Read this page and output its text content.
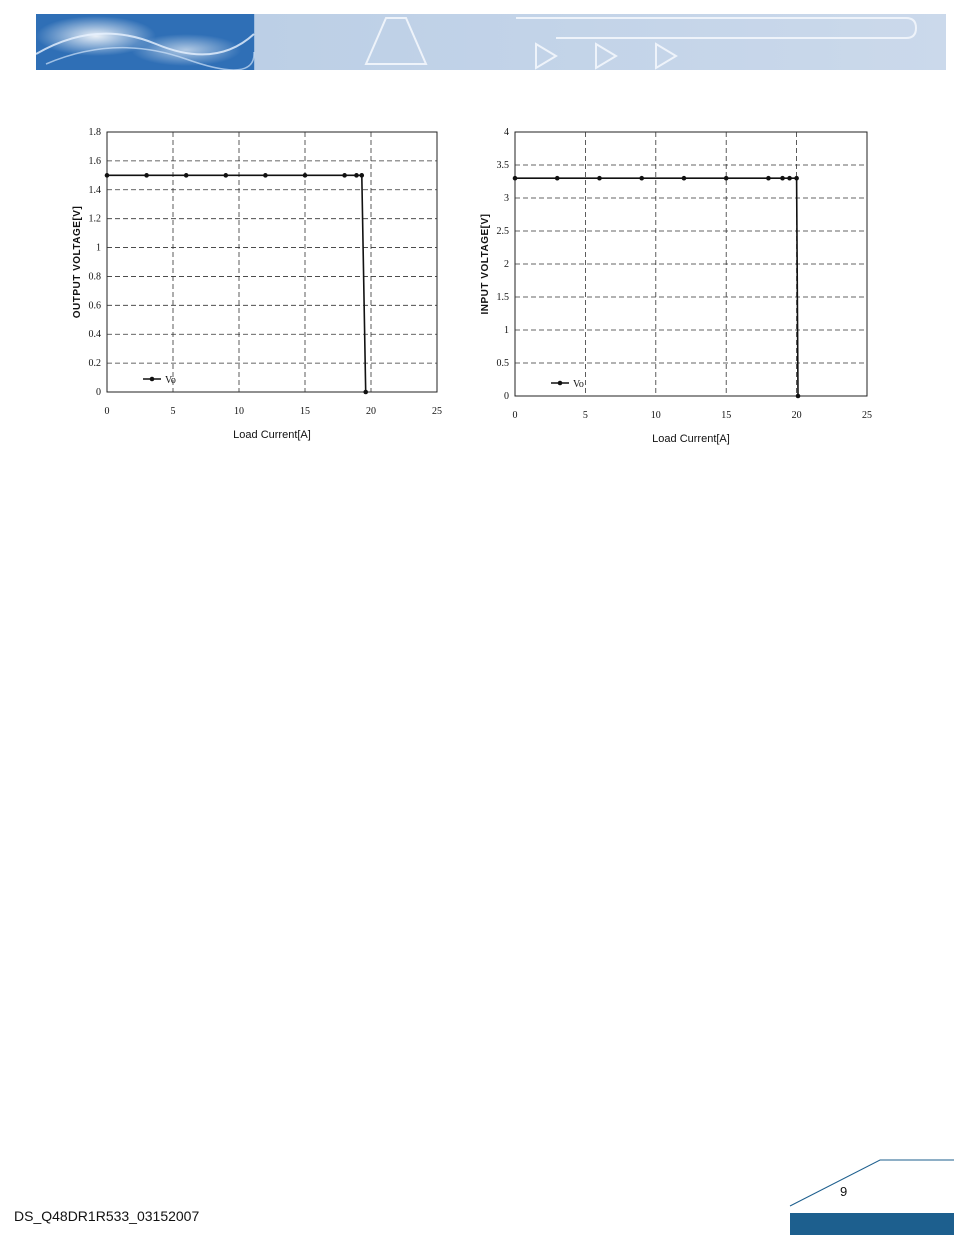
0
0.2
0.4
0.6
0.8
1
1.2
1.4
1.6
1.8
0	5	10	15	20	25
Load Current[A]
OUTPUT VOLTAGE[V]
Vo
0
0.5
1
1.5
2
2.5
3
3.5
4
0	5	10	15	20	25
Load Current[A]
INPUT VOLTAGE[V]
Vo
DS_Q48DR1R533_03152007
9
